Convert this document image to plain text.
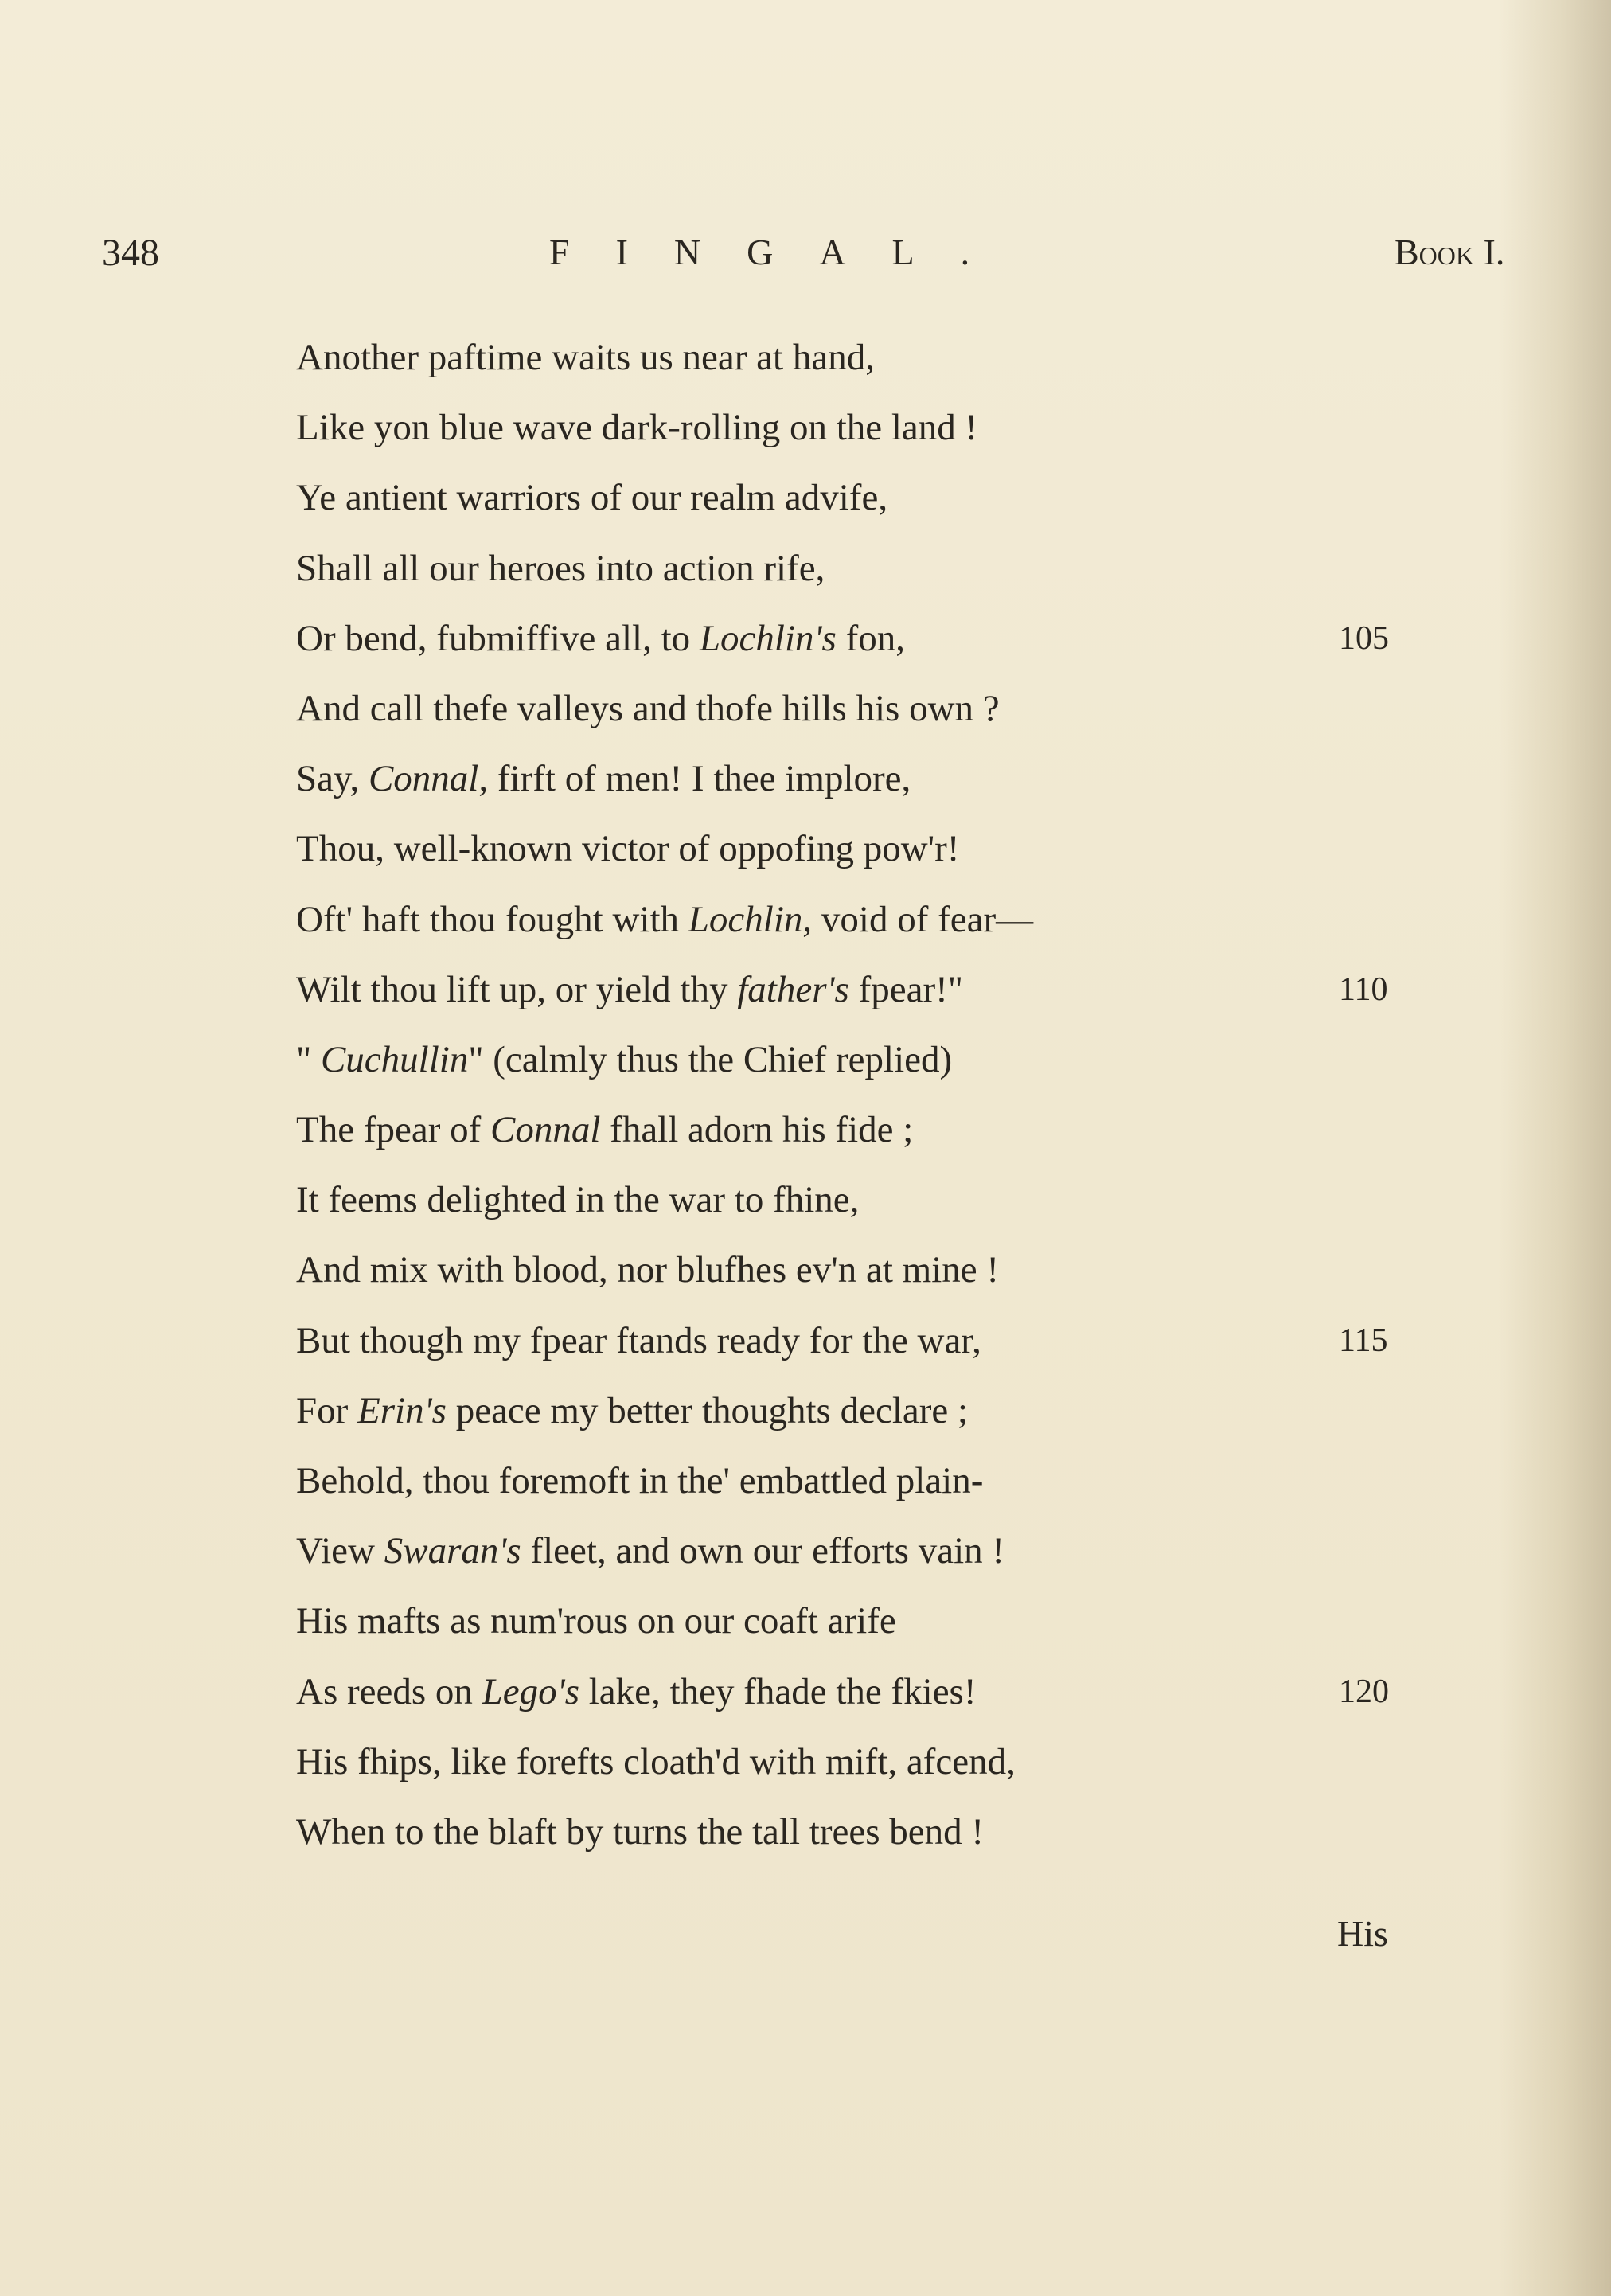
348	FINGAL.	Book I.
Another paftime waits us near at hand,
Like yon blue wave dark-rolling on the land !
Ye antient warriors of our realm advife,
Shall all our heroes into action rife,
Or bend, fubmiffive all, to Lochlin's fon,	105
And call thefe valleys and thofe hills his own ?
Say, Connal, firft of men! I thee implore,
Thou, well-known victor of oppofing pow'r!
Oft' haft thou fought with Lochlin, void of fear—
Wilt thou lift up, or yield thy father's fpear!"	110
" Cuchullin" (calmly thus the Chief replied)
The fpear of Connal fhall adorn his fide ;
It feems delighted in the war to fhine,
And mix with blood, nor blufhes ev'n at mine !
But though my fpear ftands ready for the war,	115
For Erin's peace my better thoughts declare ;
Behold, thou foremoft in the' embattled plain-
View Swaran's fleet, and own our efforts vain !
His mafts as num'rous on our coaft arife
As reeds on Lego's lake, they fhade the fkies!	120
His fhips, like forefts cloath'd with mift, afcend,
When to the blaft by turns the tall trees bend !
His
